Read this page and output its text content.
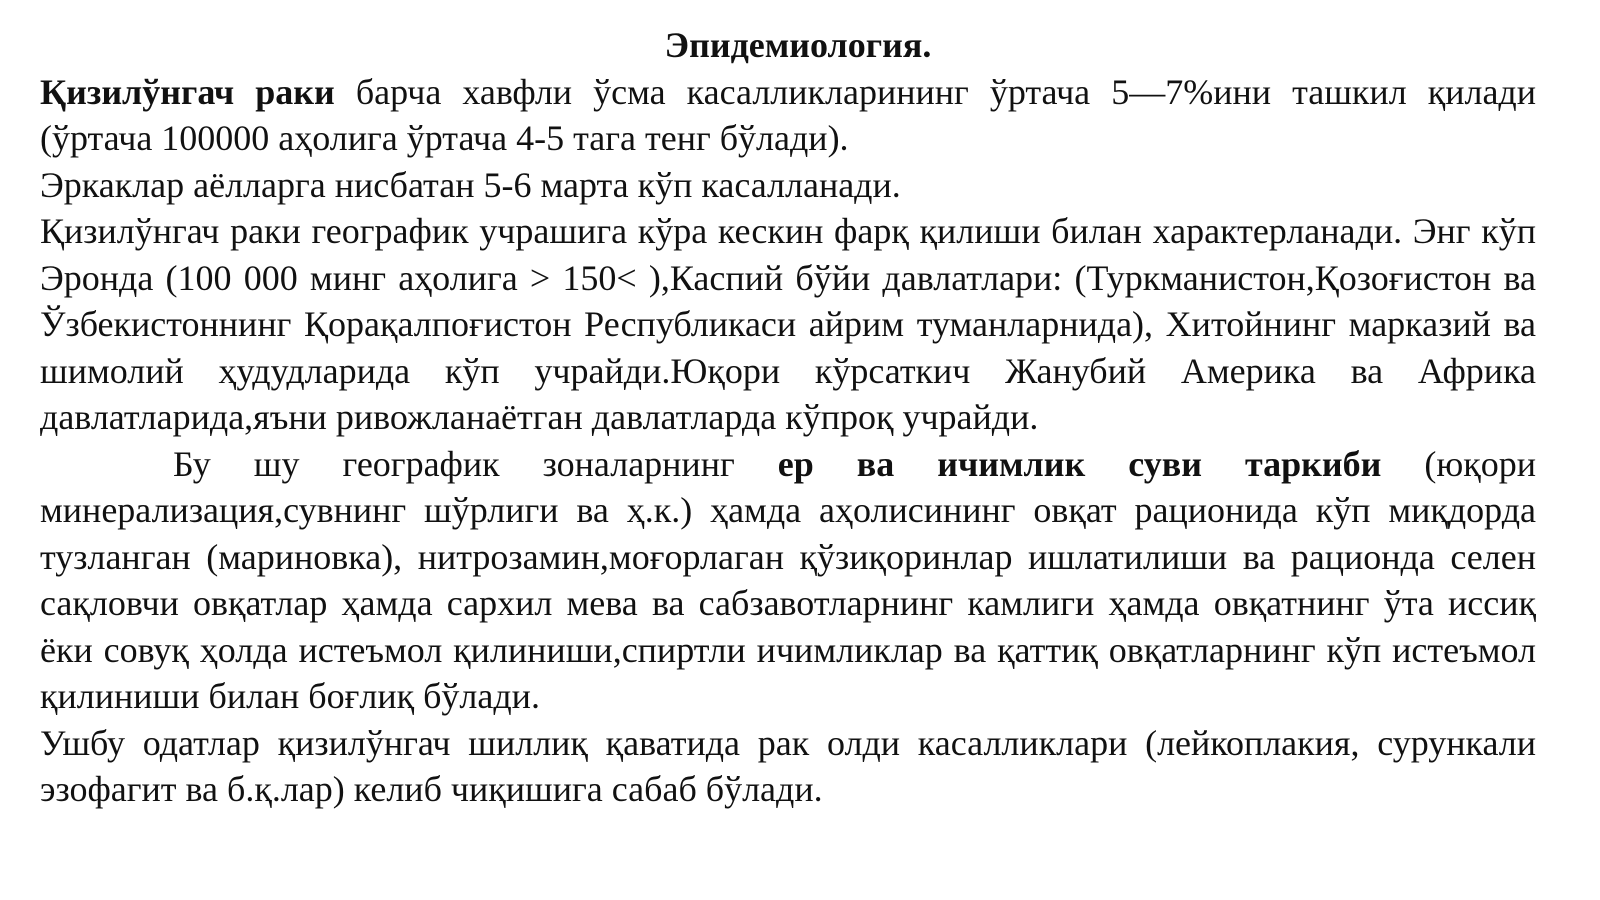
Эпидемиология.

Қизилўнгач раки барча хавфли ўсма касалликларининг ўртача 5—7%ини ташкил қилади (ўртача 100000 аҳолига ўртача 4-5 тага тенг бўлади).

Эркаклар аёлларга нисбатан 5-6 марта кўп касалланади.

Қизилўнгач раки географик учрашига кўра кескин фарқ қилиши билан характерланади. Энг кўп Эронда (100 000 минг аҳолига > 150< ),Каспий бўйи давлатлари: (Туркманистон,Қозоғистон ва Ўзбекистоннинг Қорақалпоғистон Республикаси айрим туманларнида), Хитойнинг марказий ва шимолий ҳудудларида кўп учрайди.Юқори кўрсаткич Жанубий Америка ва Африка давлатларида,яъни ривожланаётган давлатларда кўпроқ учрайди.

Бу шу географик зоналарнинг ер ва ичимлик суви таркиби (юқори минерализация,сувнинг шўрлиги ва ҳ.к.) ҳамда аҳолисининг овқат рационида кўп миқдорда тузланган (мариновка), нитрозамин,моғорлаган қўзиқоринлар ишлатилиши ва рационда селен сақловчи овқатлар ҳамда сархил мева ва сабзавотларнинг камлиги ҳамда овқатнинг ўта иссиқ ёки совуқ ҳолда истеъмол қилиниши,спиртли ичимликлар ва қаттиқ овқатларнинг кўп истеъмол қилиниши билан боғлиқ бўлади.

Ушбу одатлар қизилўнгач шиллиқ қаватида рак олди касалликлари (лейкоплакия, сурункали эзофагит ва б.қ.лар) келиб чиқишига сабаб бўлади.
